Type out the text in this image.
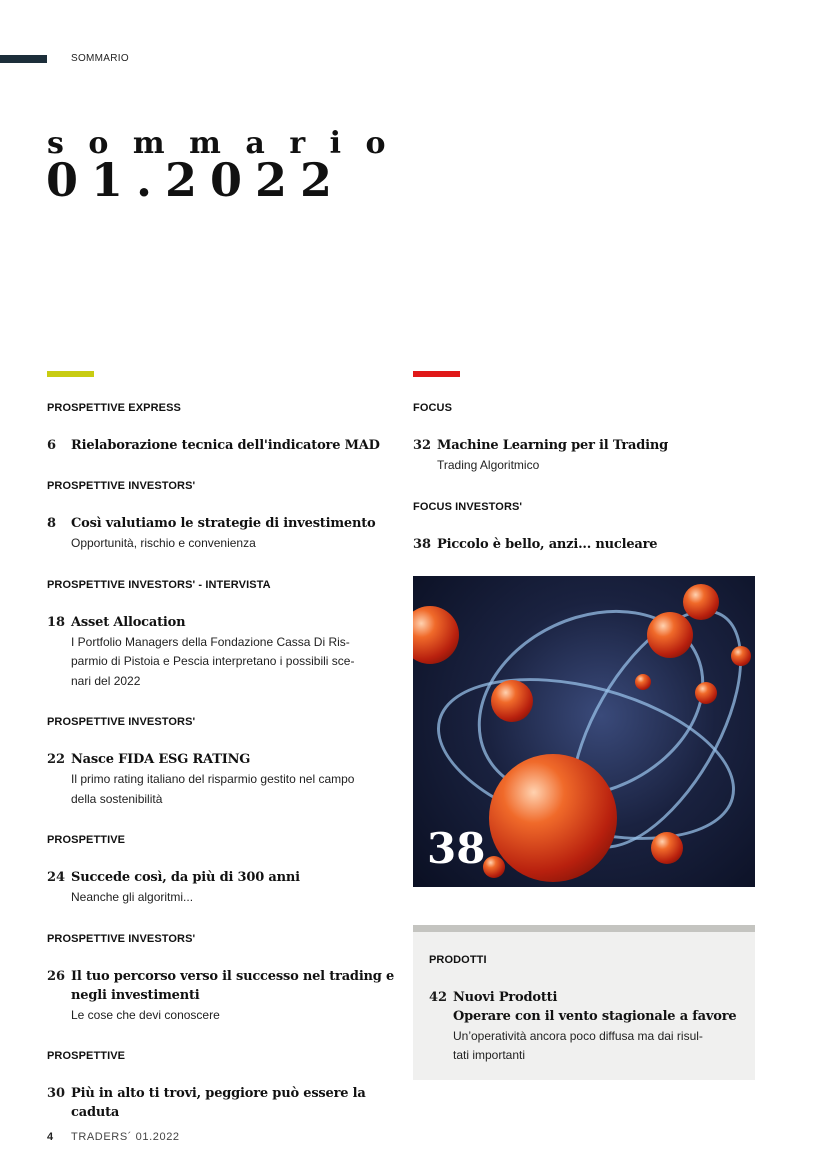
SOMMARIO
sommario
01.2022
PROSPETTIVE EXPRESS
6 Rielaborazione tecnica dell'indicatore MAD
PROSPETTIVE INVESTORS'
8 Così valutiamo le strategie di investimento
Opportunità, rischio e convenienza
PROSPETTIVE INVESTORS' - INTERVISTA
18 Asset Allocation
I Portfolio Managers della Fondazione Cassa Di Ris-
parmio di Pistoia e Pescia interpretano i possibili sce-
nari del 2022
PROSPETTIVE INVESTORS'
22 Nasce FIDA ESG RATING
Il primo rating italiano del risparmio gestito nel campo
della sostenibilità
PROSPETTIVE
24 Succede così, da più di 300 anni
Neanche gli algoritmi...
PROSPETTIVE INVESTORS'
26 Il tuo percorso verso il successo nel trading e
negli investimenti
Le cose che devi conoscere
PROSPETTIVE
30 Più in alto ti trovi, peggiore può essere la caduta
FOCUS
32 Machine Learning per il Trading
Trading Algoritmico
FOCUS INVESTORS'
38 Piccolo è bello, anzi... nucleare
38
PRODOTTI
42 Nuovi Prodotti
Operare con il vento stagionale a favore
Un’operatività ancora poco diffusa ma dai risul-
tati importanti
4 TRADERS´ 01.2022
